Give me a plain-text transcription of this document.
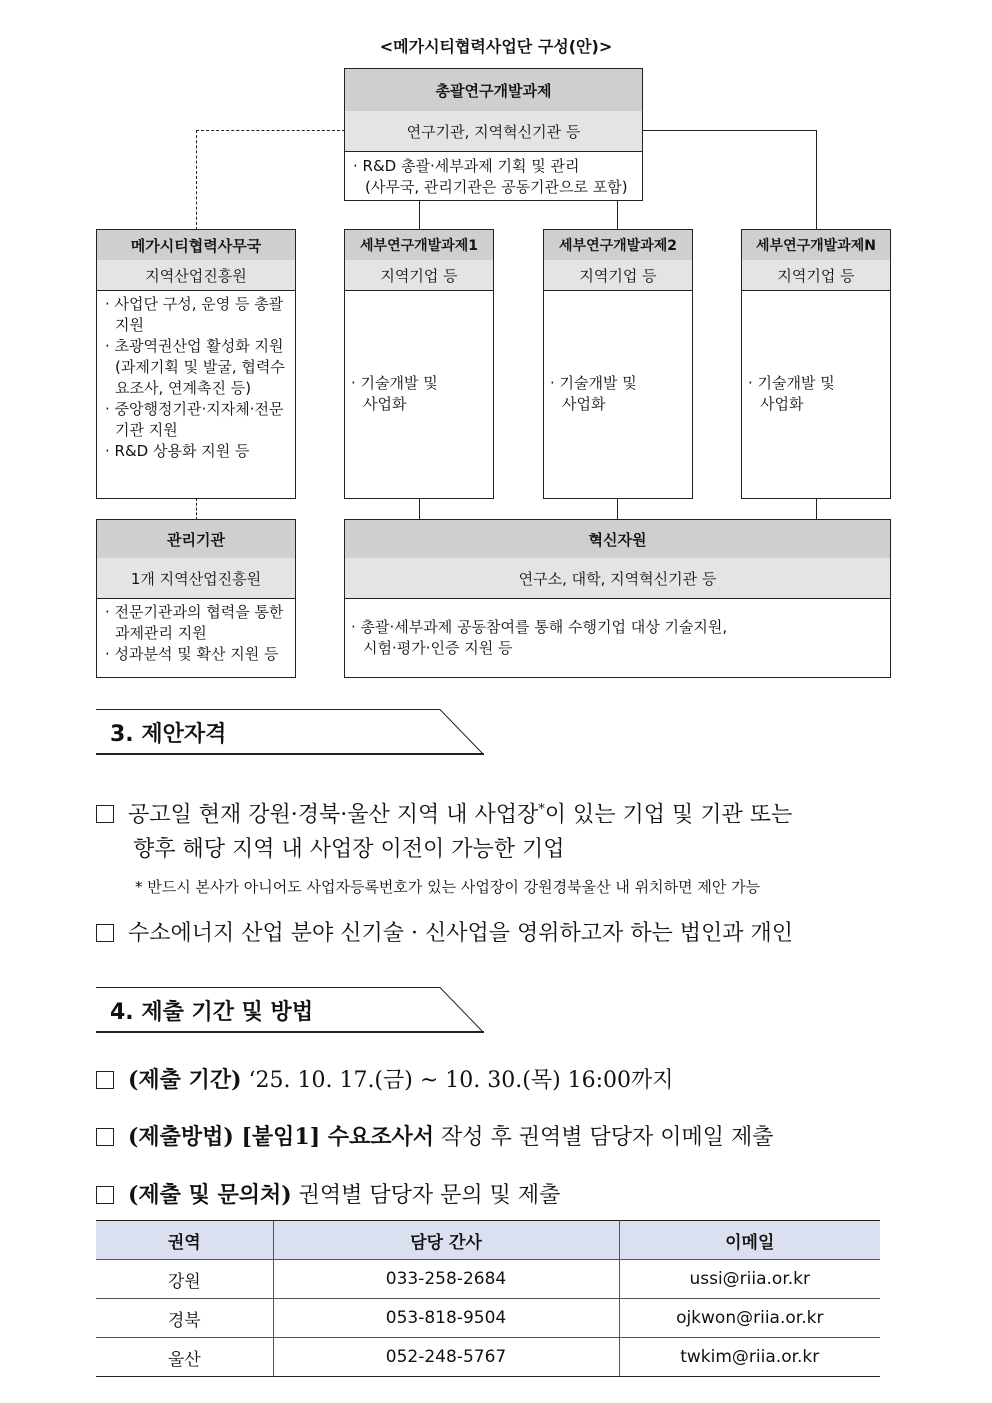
<메가시티협력사업단 구성(안)>
총괄연구개발과제
연구기관, 지역혁신기관 등
· R&D 총괄·세부과제 기획 및 관리
(사무국, 관리기관은 공동기관으로 포함)
메가시티협력사무국
지역산업진흥원
· 사업단 구성, 운영 등 총괄지원
· 초광역권산업 활성화 지원(과제기획 및 발굴, 협력수요조사, 연계촉진 등)
· 중앙행정기관·지자체·전문기관 지원
· R&D 상용화 지원 등
세부연구개발과제1
지역기업 등
· 기술개발 및
사업화
세부연구개발과제2
지역기업 등
· 기술개발 및
사업화
세부연구개발과제N
지역기업 등
· 기술개발 및
사업화
관리기관
1개 지역산업진흥원
· 전문기관과의 협력을 통한 과제관리 지원
· 성과분석 및 확산 지원 등
혁신자원
연구소, 대학, 지역혁신기관 등
· 총괄·세부과제 공동참여를 통해 수행기업 대상 기술지원,
시험·평가·인증 지원 등
3. 제안자격
공고일 현재 강원·경북·울산 지역 내 사업장*이 있는 기업 및 기관 또는
향후 해당 지역 내 사업장 이전이 가능한 기업
* 반드시 본사가 아니어도 사업자등록번호가 있는 사업장이 강원경북울산 내 위치하면 제안 가능
수소에너지 산업 분야 신기술 · 신사업을 영위하고자 하는 법인과 개인
4. 제출 기간 및 방법
(제출 기간) ‘25. 10. 17.(금) ~ 10. 30.(목) 16:00까지
(제출방법) [붙임1] 수요조사서 작성 후 권역별 담당자 이메일 제출
(제출 및 문의처) 권역별 담당자 문의 및 제출
권역	담당 간사	이메일
강원	033-258-2684	ussi@riia.or.kr
경북	053-818-9504	ojkwon@riia.or.kr
울산	052-248-5767	twkim@riia.or.kr
